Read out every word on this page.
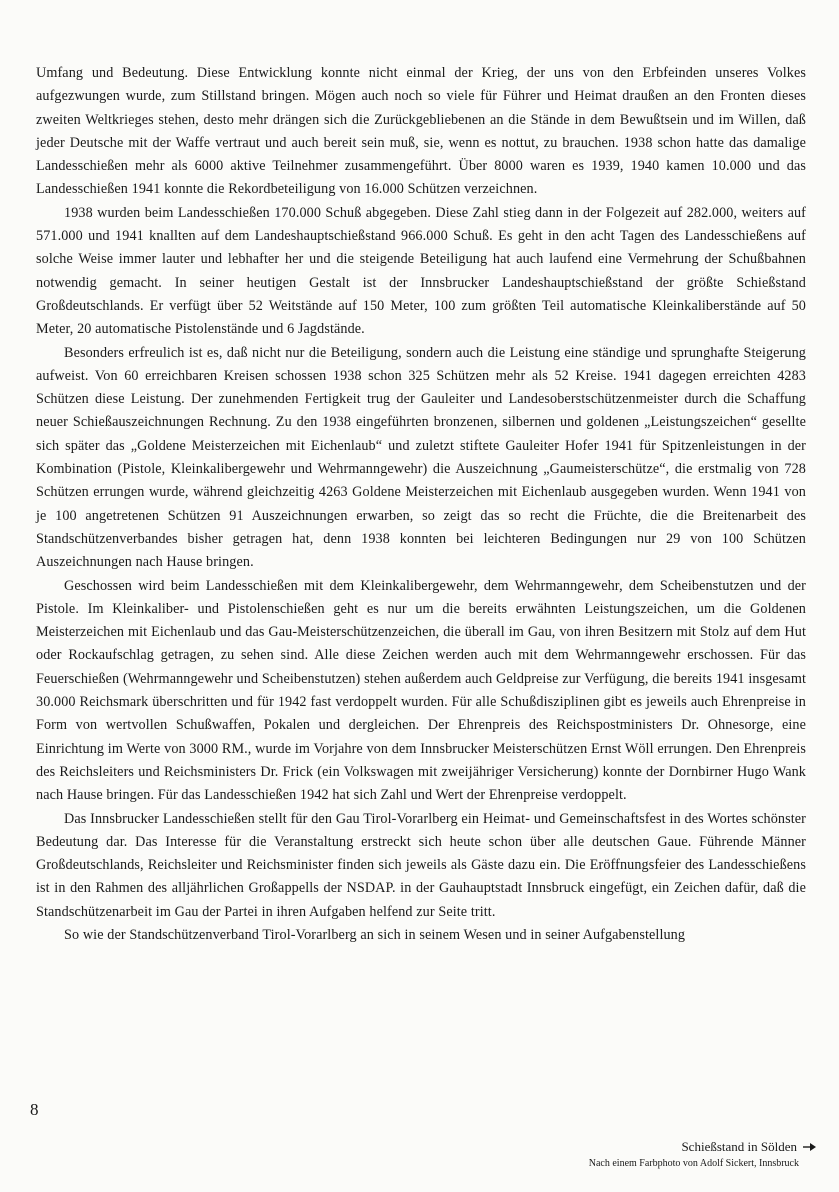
Umfang und Bedeutung. Diese Entwicklung konnte nicht einmal der Krieg, der uns von den Erbfeinden unseres Volkes aufgezwungen wurde, zum Stillstand bringen. Mögen auch noch so viele für Führer und Heimat draußen an den Fronten dieses zweiten Weltkrieges stehen, desto mehr drängen sich die Zurückgebliebenen an die Stände in dem Bewußtsein und im Willen, daß jeder Deutsche mit der Waffe vertraut und auch bereit sein muß, sie, wenn es nottut, zu brauchen. 1938 schon hatte das damalige Landesschießen mehr als 6000 aktive Teilnehmer zusammengeführt. Über 8000 waren es 1939, 1940 kamen 10.000 und das Landesschießen 1941 konnte die Rekordbeteiligung von 16.000 Schützen verzeichnen.

1938 wurden beim Landesschießen 170.000 Schuß abgegeben. Diese Zahl stieg dann in der Folgezeit auf 282.000, weiters auf 571.000 und 1941 knallten auf dem Landeshauptschießstand 966.000 Schuß. Es geht in den acht Tagen des Landesschießens auf solche Weise immer lauter und lebhafter her und die steigende Beteiligung hat auch laufend eine Vermehrung der Schußbahnen notwendig gemacht. In seiner heutigen Gestalt ist der Innsbrucker Landeshauptschießstand der größte Schießstand Großdeutschlands. Er verfügt über 52 Weitstände auf 150 Meter, 100 zum größten Teil automatische Kleinkaliberstände auf 50 Meter, 20 automatische Pistolenstände und 6 Jagdstände.

Besonders erfreulich ist es, daß nicht nur die Beteiligung, sondern auch die Leistung eine ständige und sprunghafte Steigerung aufweist. Von 60 erreichbaren Kreisen schossen 1938 schon 325 Schützen mehr als 52 Kreise. 1941 dagegen erreichten 4283 Schützen diese Leistung. Der zunehmenden Fertigkeit trug der Gauleiter und Landesoberstschützenmeister durch die Schaffung neuer Schießauszeichnungen Rechnung. Zu den 1938 eingeführten bronzenen, silbernen und goldenen „Leistungszeichen“ gesellte sich später das „Goldene Meisterzeichen mit Eichenlaub“ und zuletzt stiftete Gauleiter Hofer 1941 für Spitzenleistungen in der Kombination (Pistole, Kleinkalibergewehr und Wehrmanngewehr) die Auszeichnung „Gaumeisterschütze“, die erstmalig von 728 Schützen errungen wurde, während gleichzeitig 4263 Goldene Meisterzeichen mit Eichenlaub ausgegeben wurden. Wenn 1941 von je 100 angetretenen Schützen 91 Auszeichnungen erwarben, so zeigt das so recht die Früchte, die die Breitenarbeit des Standschützenverbandes bisher getragen hat, denn 1938 konnten bei leichteren Bedingungen nur 29 von 100 Schützen Auszeichnungen nach Hause bringen.

Geschossen wird beim Landesschießen mit dem Kleinkalibergewehr, dem Wehrmanngewehr, dem Scheibenstutzen und der Pistole. Im Kleinkaliber- und Pistolenschießen geht es nur um die bereits erwähnten Leistungszeichen, um die Goldenen Meisterzeichen mit Eichenlaub und das Gau-Meisterschützenzeichen, die überall im Gau, von ihren Besitzern mit Stolz auf dem Hut oder Rockaufschlag getragen, zu sehen sind. Alle diese Zeichen werden auch mit dem Wehrmanngewehr erschossen. Für das Feuerschießen (Wehrmanngewehr und Scheibenstutzen) stehen außerdem auch Geldpreise zur Verfügung, die bereits 1941 insgesamt 30.000 Reichsmark überschritten und für 1942 fast verdoppelt wurden. Für alle Schußdisziplinen gibt es jeweils auch Ehrenpreise in Form von wertvollen Schußwaffen, Pokalen und dergleichen. Der Ehrenpreis des Reichspostministers Dr. Ohnesorge, eine Einrichtung im Werte von 3000 RM., wurde im Vorjahre von dem Innsbrucker Meisterschützen Ernst Wöll errungen. Den Ehrenpreis des Reichsleiters und Reichsministers Dr. Frick (ein Volkswagen mit zweijähriger Versicherung) konnte der Dornbirner Hugo Wank nach Hause bringen. Für das Landesschießen 1942 hat sich Zahl und Wert der Ehrenpreise verdoppelt.

Das Innsbrucker Landesschießen stellt für den Gau Tirol-Vorarlberg ein Heimat- und Gemeinschaftsfest in des Wortes schönster Bedeutung dar. Das Interesse für die Veranstaltung erstreckt sich heute schon über alle deutschen Gaue. Führende Männer Großdeutschlands, Reichsleiter und Reichsminister finden sich jeweils als Gäste dazu ein. Die Eröffnungsfeier des Landesschießens ist in den Rahmen des alljährlichen Großappells der NSDAP. in der Gauhauptstadt Innsbruck eingefügt, ein Zeichen dafür, daß die Standschützenarbeit im Gau der Partei in ihren Aufgaben helfend zur Seite tritt.

So wie der Standschützenverband Tirol-Vorarlberg an sich in seinem Wesen und in seiner Aufgabenstellung

8
Schießstand in Sölden
Nach einem Farbphoto von Adolf Sickert, Innsbruck
